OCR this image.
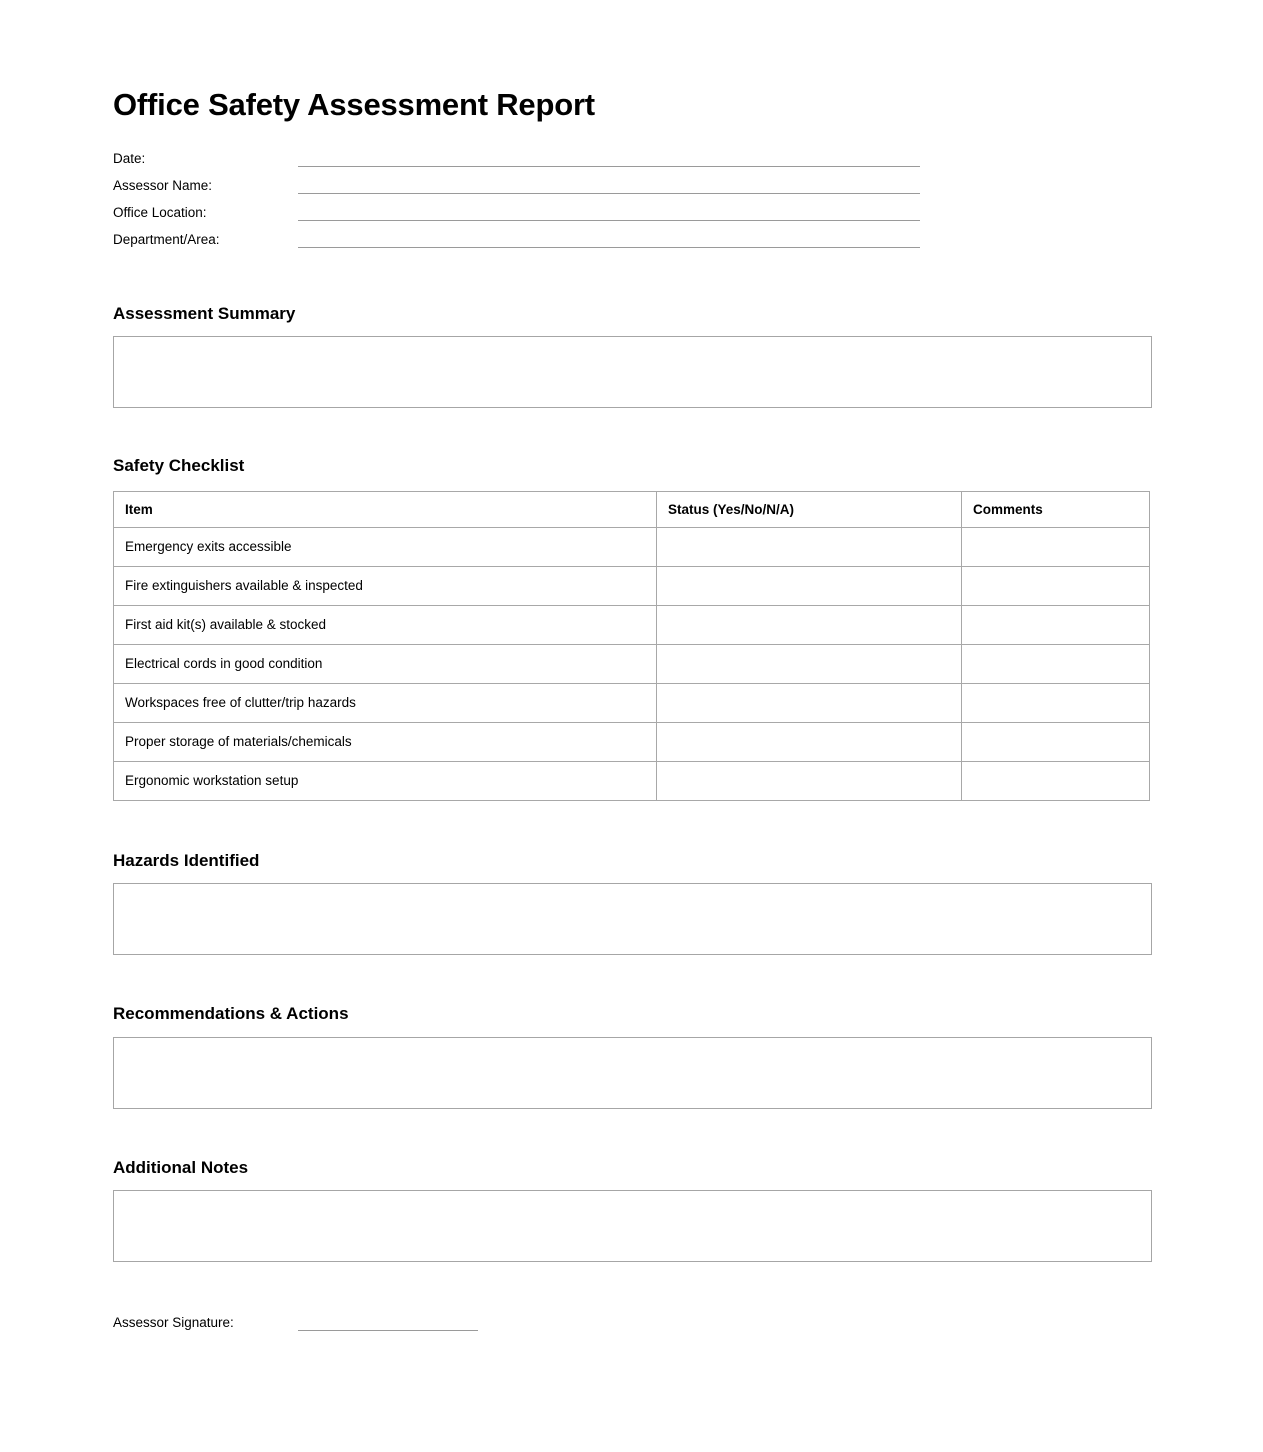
Office Safety Assessment Report
Date:
Assessor Name:
Office Location:
Department/Area:
Assessment Summary
Safety Checklist
Item	Status (Yes/No/N/A)	Comments
Emergency exits accessible		
Fire extinguishers available & inspected		
First aid kit(s) available & stocked		
Electrical cords in good condition		
Workspaces free of clutter/trip hazards		
Proper storage of materials/chemicals		
Ergonomic workstation setup		
Hazards Identified
Recommendations & Actions
Additional Notes
Assessor Signature:
